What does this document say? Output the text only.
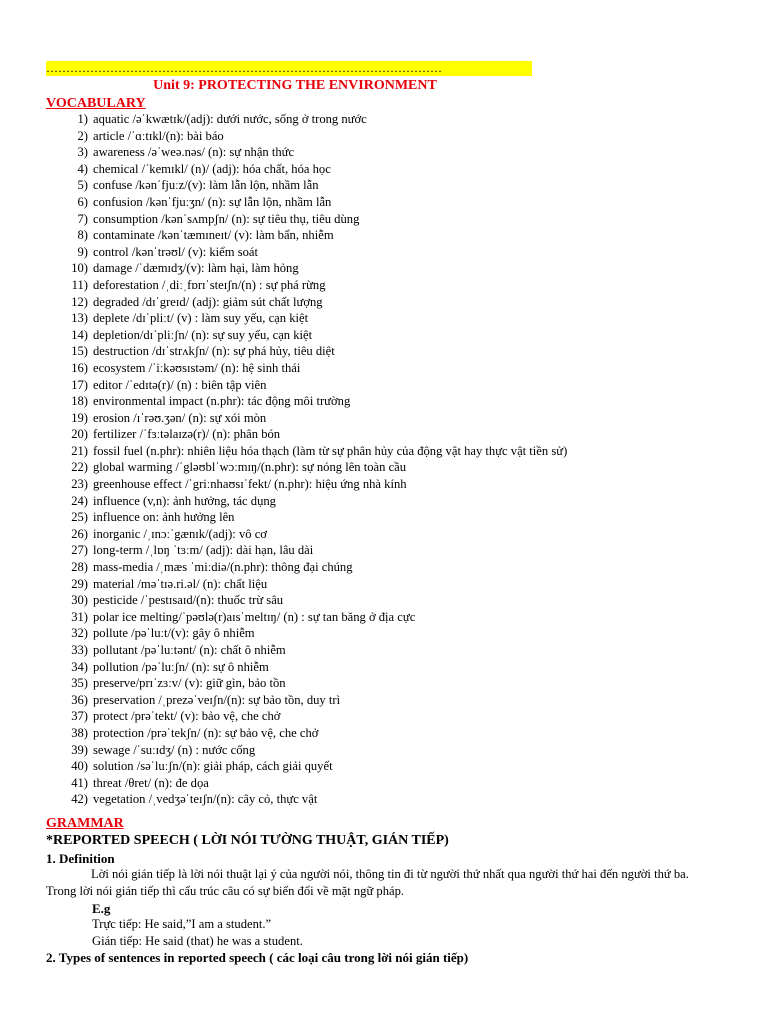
………………………………………………………………………………………
Unit 9: PROTECTING THE ENVIRONMENT
VOCABULARY
1) aquatic /əˈkwætɪk/(adj): dưới nước, sống ở trong nước
2) article /ˈɑːtɪkl/(n): bài báo
3) awareness /əˈweə.nəs/ (n): sự nhận thức
4) chemical /ˈkemɪkl/ (n)/ (adj): hóa chất, hóa học
5) confuse /kənˈfjuːz/(v): làm lẫn lộn, nhầm lẫn
6) confusion /kənˈfjuːʒn/ (n): sự lẫn lộn, nhầm lẫn
7) consumption /kənˈsʌmpʃn/ (n): sự tiêu thụ, tiêu dùng
8) contaminate /kənˈtæmɪneɪt/ (v): làm bẩn, nhiễm
9) control /kənˈtrəʊl/ (v): kiểm soát
10) damage /ˈdæmɪdʒ/(v): làm hại, làm hỏng
11) deforestation /ˌdiːˌfɒrɪˈsteɪʃn/(n) : sự phá rừng
12) degraded /dɪˈgreɪd/ (adj): giảm sút chất lượng
13) deplete /dɪˈpliːt/ (v) : làm suy yếu, cạn kiệt
14) depletion/dɪˈpliːʃn/ (n): sự suy yếu, cạn kiệt
15) destruction /dɪˈstrʌkʃn/ (n): sự phá hủy, tiêu diệt
16) ecosystem /ˈiːkəʊsɪstəm/ (n): hệ sinh thái
17) editor /ˈedɪtə(r)/ (n) : biên tập viên
18) environmental impact (n.phr): tác động môi trường
19) erosion /ɪˈrəʊ.ʒən/ (n): sự xói mòn
20) fertilizer /ˈfɜːtəlaɪzə(r)/ (n): phân bón
21) fossil fuel (n.phr): nhiên liệu hóa thạch (làm từ sự phân hủy của động vật hay thực vật tiền sử)
22) global warming /ˈgləʊblˈwɔːmɪŋ/(n.phr): sự nóng lên toàn cầu
23) greenhouse effect /ˈgriːnhaʊsɪˈfekt/ (n.phr): hiệu ứng nhà kính
24) influence (v,n): ảnh hưởng, tác dụng
25) influence on: ảnh hưởng lên
26) inorganic /ˌɪnɔːˈgænɪk/(adj): vô cơ
27) long-term /ˌlɒŋ ˈtɜːm/ (adj): dài hạn, lâu dài
28) mass-media /ˌmæs ˈmiːdiə/(n.phr): thông đại chúng
29) material /məˈtɪə.ri.əl/ (n): chất liệu
30) pesticide /ˈpestɪsaɪd/(n): thuốc trừ sâu
31) polar ice melting/ˈpəʊlə(r)aɪsˈmeltɪŋ/ (n) : sự tan băng ở địa cực
32) pollute /pəˈluːt/(v): gây ô nhiễm
33) pollutant /pəˈluːtənt/ (n): chất ô nhiễm
34) pollution /pəˈluːʃn/ (n): sự ô nhiễm
35) preserve/prɪˈzɜːv/ (v): giữ gìn, bảo tồn
36) preservation /ˌprezəˈveɪʃn/(n): sự bảo tồn, duy trì
37) protect /prəˈtekt/ (v): bảo vệ, che chở
38) protection /prəˈtekʃn/ (n): sự bảo vệ, che chở
39) sewage /ˈsuːɪdʒ/ (n) : nước cống
40) solution /səˈluːʃn/(n): giải pháp, cách giải quyết
41) threat /θret/ (n): đe dọa
42) vegetation /ˌvedʒəˈteɪʃn/(n): cây cỏ, thực vật
GRAMMAR
*REPORTED SPEECH ( LỜI NÓI TƯỜNG THUẬT, GIÁN TIẾP)
1. Definition

Lời nói gián tiếp là lời nói thuật lại ý của người nói, thông tin đi từ người thứ nhất qua người thứ hai đến người thứ ba. Trong lời nói gián tiếp thì cấu trúc câu có sự biến đổi về mặt ngữ pháp.

E.g
Trực tiếp: He said,”I am a student.”
Gián tiếp: He said (that) he was a student.
2. Types of sentences in reported speech ( các loại câu trong lời nói gián tiếp)
